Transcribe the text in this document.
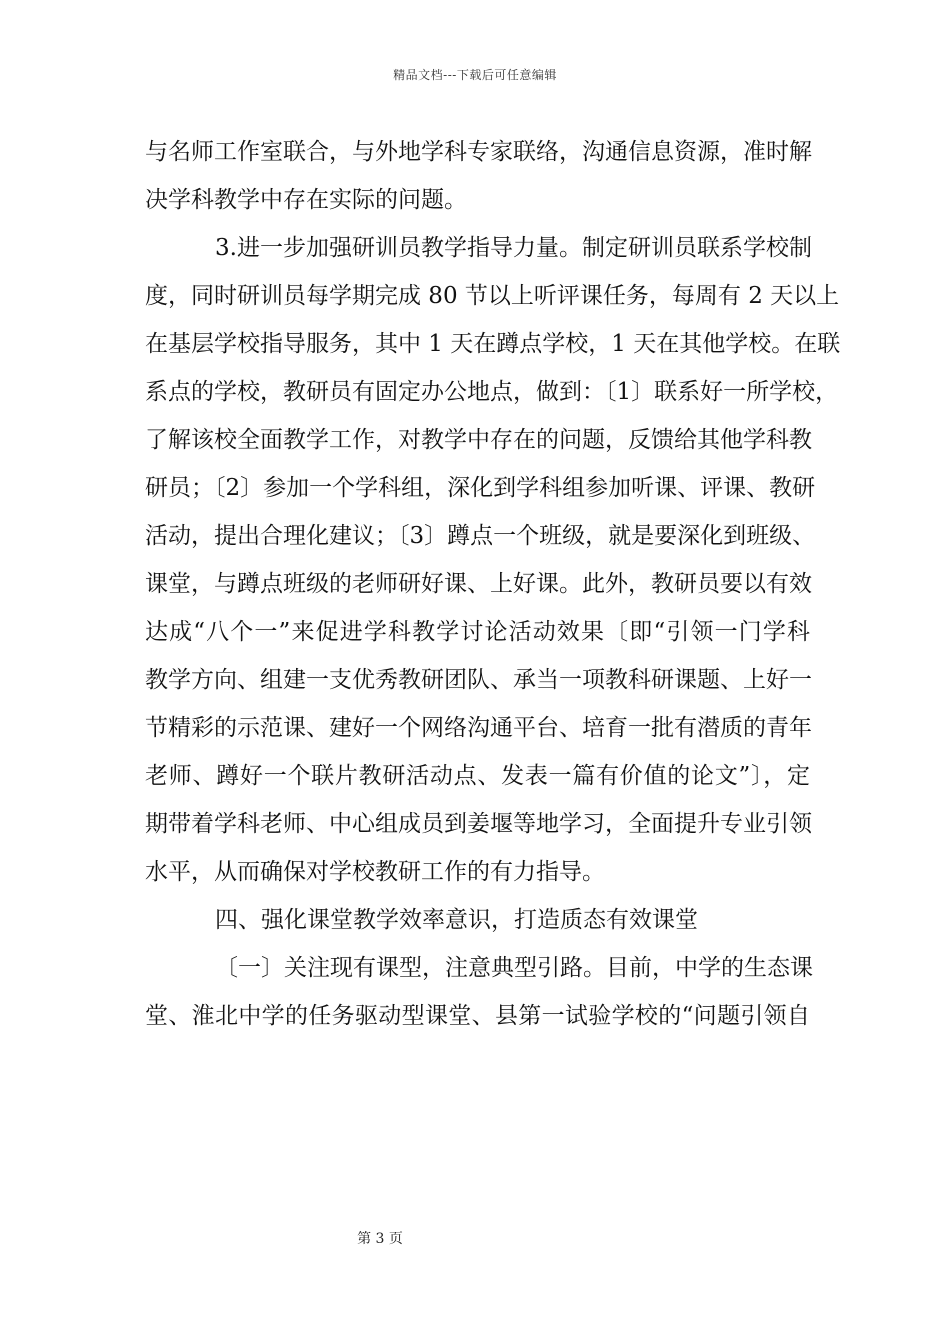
精品文档---下载后可任意编辑
与名师工作室联合，与外地学科专家联络，沟通信息资源，准时解
决学科教学中存在实际的问题。
3.进一步加强研训员教学指导力量。制定研训员联系学校制
度，同时研训员每学期完成 80 节以上听评课任务，每周有 2 天以上
在基层学校指导服务，其中 1 天在蹲点学校，1 天在其他学校。在联
系点的学校，教研员有固定办公地点，做到：〔1〕联系好一所学校，
了解该校全面教学工作，对教学中存在的问题，反馈给其他学科教
研员；〔2〕参加一个学科组，深化到学科组参加听课、评课、教研
活动，提出合理化建议；〔3〕蹲点一个班级，就是要深化到班级、
课堂，与蹲点班级的老师研好课、上好课。此外，教研员要以有效
达成“八个一”来促进学科教学讨论活动效果〔即“引领一门学科
教学方向、组建一支优秀教研团队、承当一项教科研课题、上好一
节精彩的示范课、建好一个网络沟通平台、培育一批有潜质的青年
老师、蹲好一个联片教研活动点、发表一篇有价值的论文”〕，定
期带着学科老师、中心组成员到姜堰等地学习，全面提升专业引领
水平，从而确保对学校教研工作的有力指导。
四、强化课堂教学效率意识，打造质态有效课堂
〔一〕关注现有课型，注意典型引路。目前，中学的生态课
堂、淮北中学的任务驱动型课堂、县第一试验学校的“问题引领自
第 3 页
